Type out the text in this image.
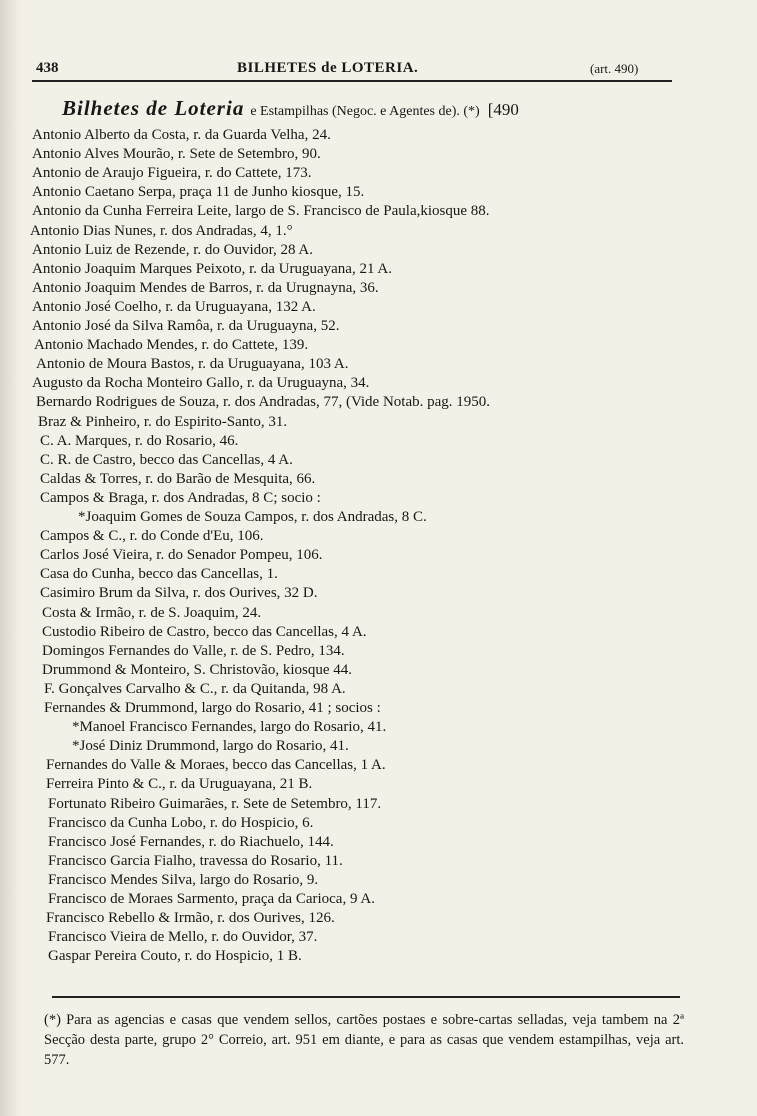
438	BILHETES de LOTERIA.	(art. 490)
Bilhetes de Loteria e Estampilhas (Negoc. e Agentes de). (*) [490
Antonio Alberto da Costa, r. da Guarda Velha, 24.
Antonio Alves Mourão, r. Sete de Setembro, 90.
Antonio de Araujo Figueira, r. do Cattete, 173.
Antonio Caetano Serpa, praça 11 de Junho kiosque, 15.
Antonio da Cunha Ferreira Leite, largo de S. Francisco de Paula,kiosque 88.
Antonio Dias Nunes, r. dos Andradas, 4, 1.°
Antonio Luiz de Rezende, r. do Ouvidor, 28 A.
Antonio Joaquim Marques Peixoto, r. da Uruguayana, 21 A.
Antonio Joaquim Mendes de Barros, r. da Urugnayna, 36.
Antonio José Coelho, r. da Uruguayana, 132 A.
Antonio José da Silva Ramôa, r. da Uruguayna, 52.
Antonio Machado Mendes, r. do Cattete, 139.
Antonio de Moura Bastos, r. da Uruguayana, 103 A.
Augusto da Rocha Monteiro Gallo, r. da Uruguayna, 34.
Bernardo Rodrigues de Souza, r. dos Andradas, 77, (Vide Notab. pag. 1950.
Braz & Pinheiro, r. do Espirito-Santo, 31.
C. A. Marques, r. do Rosario, 46.
C. R. de Castro, becco das Cancellas, 4 A.
Caldas & Torres, r. do Barão de Mesquita, 66.
Campos & Braga, r. dos Andradas, 8 C; socio :
*Joaquim Gomes de Souza Campos, r. dos Andradas, 8 C.
Campos & C., r. do Conde d'Eu, 106.
Carlos José Vieira, r. do Senador Pompeu, 106.
Casa do Cunha, becco das Cancellas, 1.
Casimiro Brum da Silva, r. dos Ourives, 32 D.
Costa & Irmão, r. de S. Joaquim, 24.
Custodio Ribeiro de Castro, becco das Cancellas, 4 A.
Domingos Fernandes do Valle, r. de S. Pedro, 134.
Drummond & Monteiro, S. Christovão, kiosque 44.
F. Gonçalves Carvalho & C., r. da Quitanda, 98 A.
Fernandes & Drummond, largo do Rosario, 41 ; socios :
*Manoel Francisco Fernandes, largo do Rosario, 41.
*José Diniz Drummond, largo do Rosario, 41.
Fernandes do Valle & Moraes, becco das Cancellas, 1 A.
Ferreira Pinto & C., r. da Uruguayana, 21 B.
Fortunato Ribeiro Guimarães, r. Sete de Setembro, 117.
Francisco da Cunha Lobo, r. do Hospicio, 6.
Francisco José Fernandes, r. do Riachuelo, 144.
Francisco Garcia Fialho, travessa do Rosario, 11.
Francisco Mendes Silva, largo do Rosario, 9.
Francisco de Moraes Sarmento, praça da Carioca, 9 A.
Francisco Rebello & Irmão, r. dos Ourives, 126.
Francisco Vieira de Mello, r. do Ouvidor, 37.
Gaspar Pereira Couto, r. do Hospicio, 1 B.

(*) Para as agencias e casas que vendem sellos, cartões postaes e sobre-cartas selladas, veja tambem na 2ª Secção desta parte, grupo 2° Correio, art. 951 em diante, e para as casas que vendem estampilhas, veja art. 577.
